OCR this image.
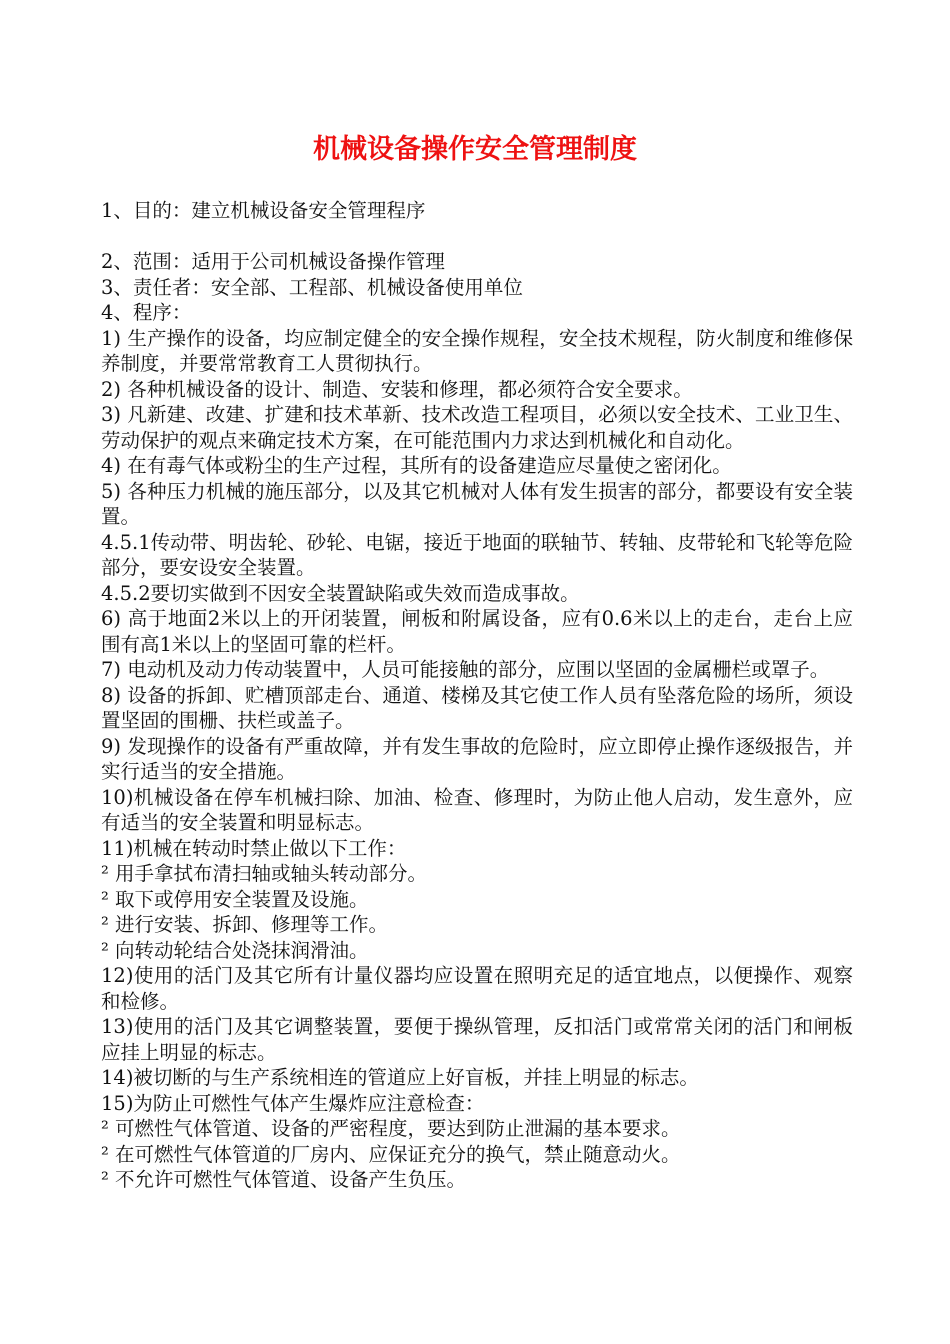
机械设备操作安全管理制度

1、目的：建立机械设备安全管理程序

2、范围：适用于公司机械设备操作管理

3、责任者：安全部、工程部、机械设备使用单位

4、程序：

1) 生产操作的设备，均应制定健全的安全操作规程，安全技术规程，防火制度和维修保养制度，并要常常教育工人贯彻执行。

2) 各种机械设备的设计、制造、安装和修理，都必须符合安全要求。

3) 凡新建、改建、扩建和技术革新、技术改造工程项目，必须以安全技术、工业卫生、劳动保护的观点来确定技术方案，在可能范围内力求达到机械化和自动化。

4) 在有毒气体或粉尘的生产过程，其所有的设备建造应尽量使之密闭化。

5) 各种压力机械的施压部分，以及其它机械对人体有发生损害的部分，都要设有安全装置。

4.5.1传动带、明齿轮、砂轮、电锯，接近于地面的联轴节、转轴、皮带轮和飞轮等危险部分，要安设安全装置。

4.5.2要切实做到不因安全装置缺陷或失效而造成事故。

6) 高于地面2米以上的开闭装置，闸板和附属设备，应有0.6米以上的走台，走台上应围有高1米以上的坚固可靠的栏杆。

7) 电动机及动力传动装置中，人员可能接触的部分，应围以坚固的金属栅栏或罩子。

8) 设备的拆卸、贮槽顶部走台、通道、楼梯及其它使工作人员有坠落危险的场所，须设置坚固的围栅、扶栏或盖子。

9) 发现操作的设备有严重故障，并有发生事故的危险时，应立即停止操作逐级报告，并实行适当的安全措施。

10)机械设备在停车机械扫除、加油、检查、修理时，为防止他人启动，发生意外，应有适当的安全装置和明显标志。

11)机械在转动时禁止做以下工作：

² 用手拿拭布清扫轴或轴头转动部分。

² 取下或停用安全装置及设施。

² 进行安装、拆卸、修理等工作。

² 向转动轮结合处浇抹润滑油。

12)使用的活门及其它所有计量仪器均应设置在照明充足的适宜地点，以便操作、观察和检修。

13)使用的活门及其它调整装置，要便于操纵管理，反扣活门或常常关闭的活门和闸板应挂上明显的标志。

14)被切断的与生产系统相连的管道应上好盲板，并挂上明显的标志。

15)为防止可燃性气体产生爆炸应注意检查：

² 可燃性气体管道、设备的严密程度，要达到防止泄漏的基本要求。

² 在可燃性气体管道的厂房内、应保证充分的换气，禁止随意动火。

² 不允许可燃性气体管道、设备产生负压。
